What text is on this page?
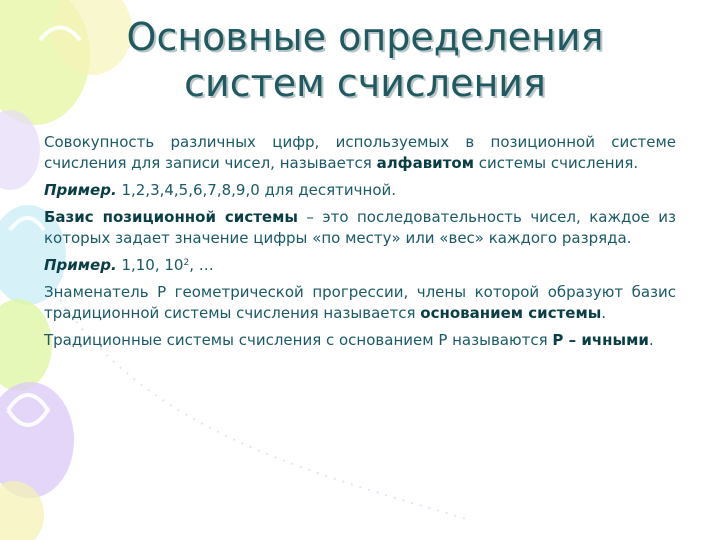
Основные определения
систем счисления

Совокупность различных цифр, используемых в позиционной системе счисления для записи чисел, называется алфавитом системы счисления.

Пример. 1,2,3,4,5,6,7,8,9,0 для десятичной.

Базис позиционной системы – это последовательность чисел, каждое из которых задает значение цифры «по месту» или «вес» каждого разряда.

Пример. 1,10, $10^2$, …

Знаменатель Р геометрической прогрессии, члены которой образуют базис традиционной системы счисления называется основанием системы.

Традиционные системы счисления с основанием Р называются Р – ичными.
